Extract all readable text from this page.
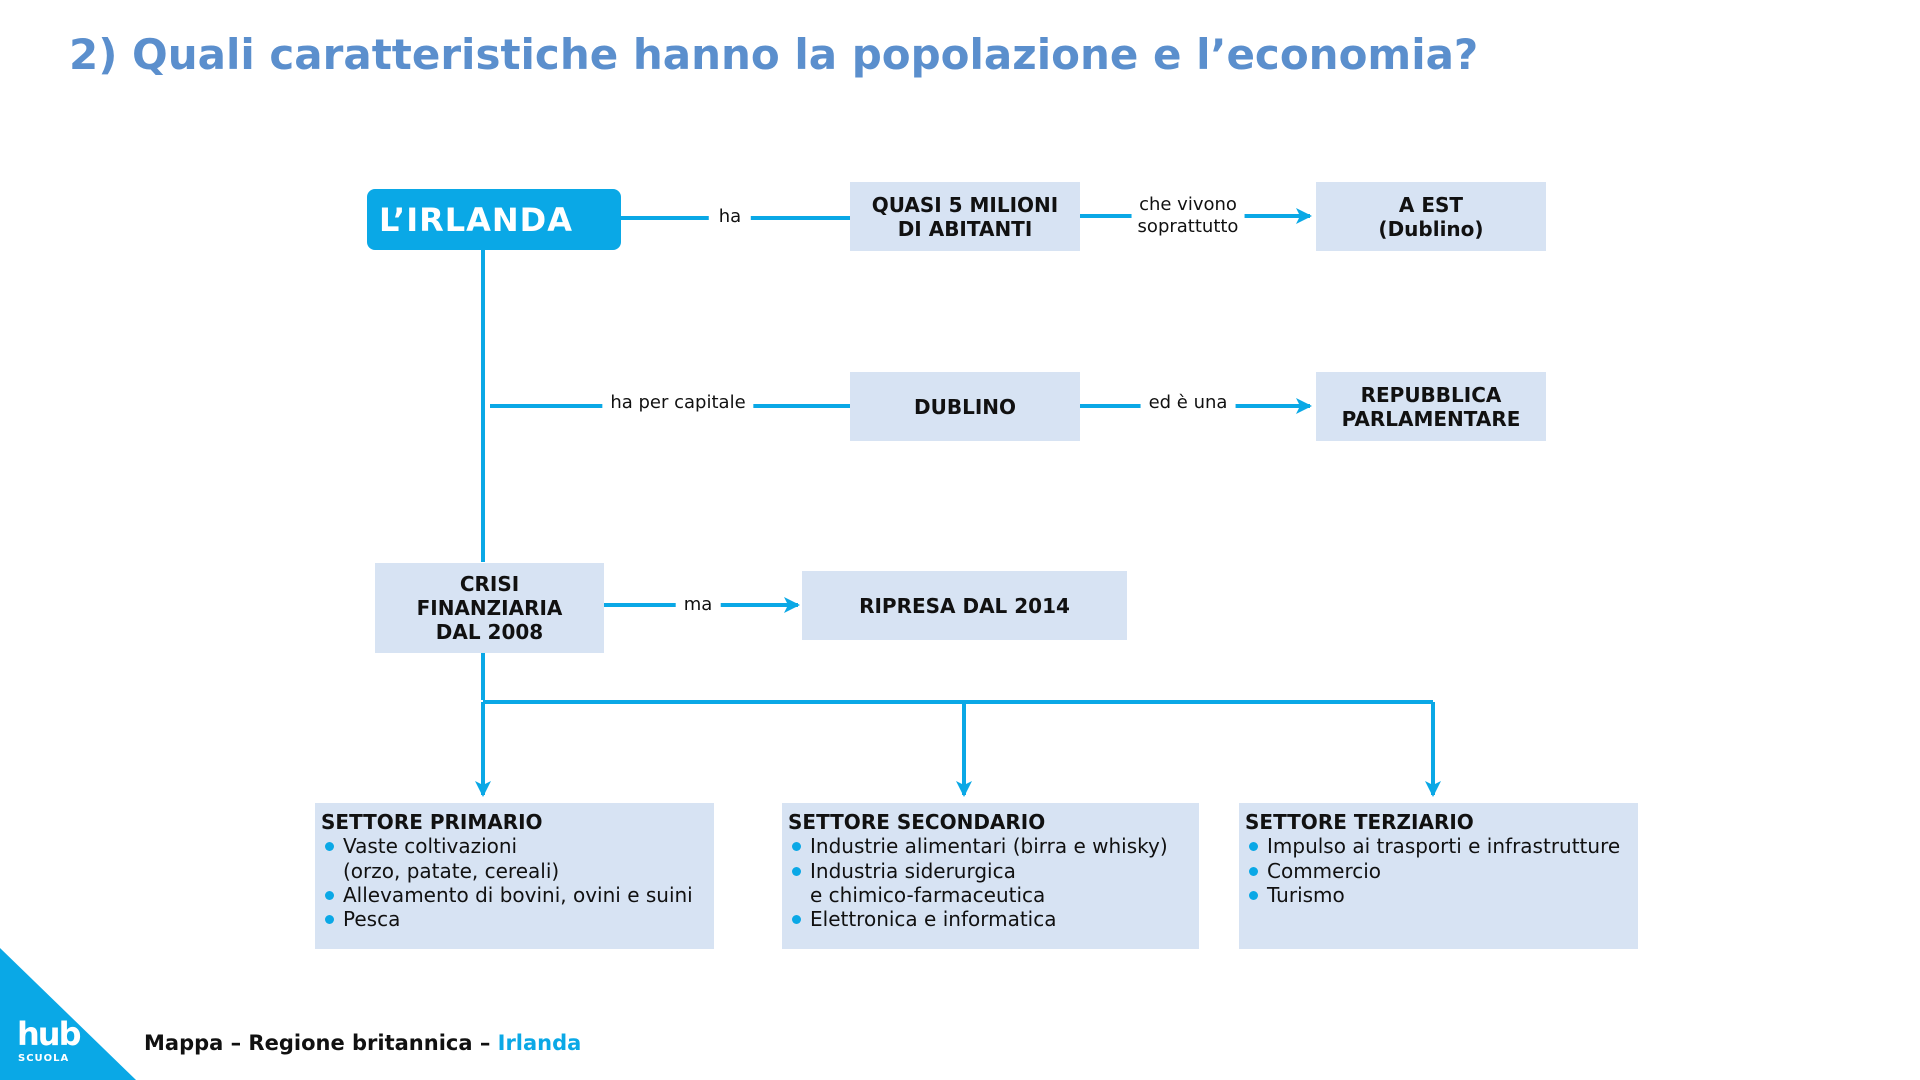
2) Quali caratteristiche hanno la popolazione e l’economia?
L’IRLANDA	QUASI 5 MILIONI
DI ABITANTI
A EST
(Dublino)
DUBLINO	REPUBBLICA
PARLAMENTARE
CRISI
FINANZIARIA
DAL 2008
RIPRESA DAL 2014
ha
che vivono
soprattutto
ha per capitale	ed è una
ma
SETTORE PRIMARIO
Vaste coltivazioni
(orzo, patate, cereali)
Allevamento di bovini, ovini e suini
Pesca
SETTORE SECONDARIO
Industrie alimentari (birra e whisky)
Industria siderurgica
e chimico-farmaceutica
Elettronica e informatica
SETTORE TERZIARIO
Impulso ai trasporti e infrastrutture
Commercio
Turismo
hub
SCUOLA
Mappa – Regione britannica – Irlanda
